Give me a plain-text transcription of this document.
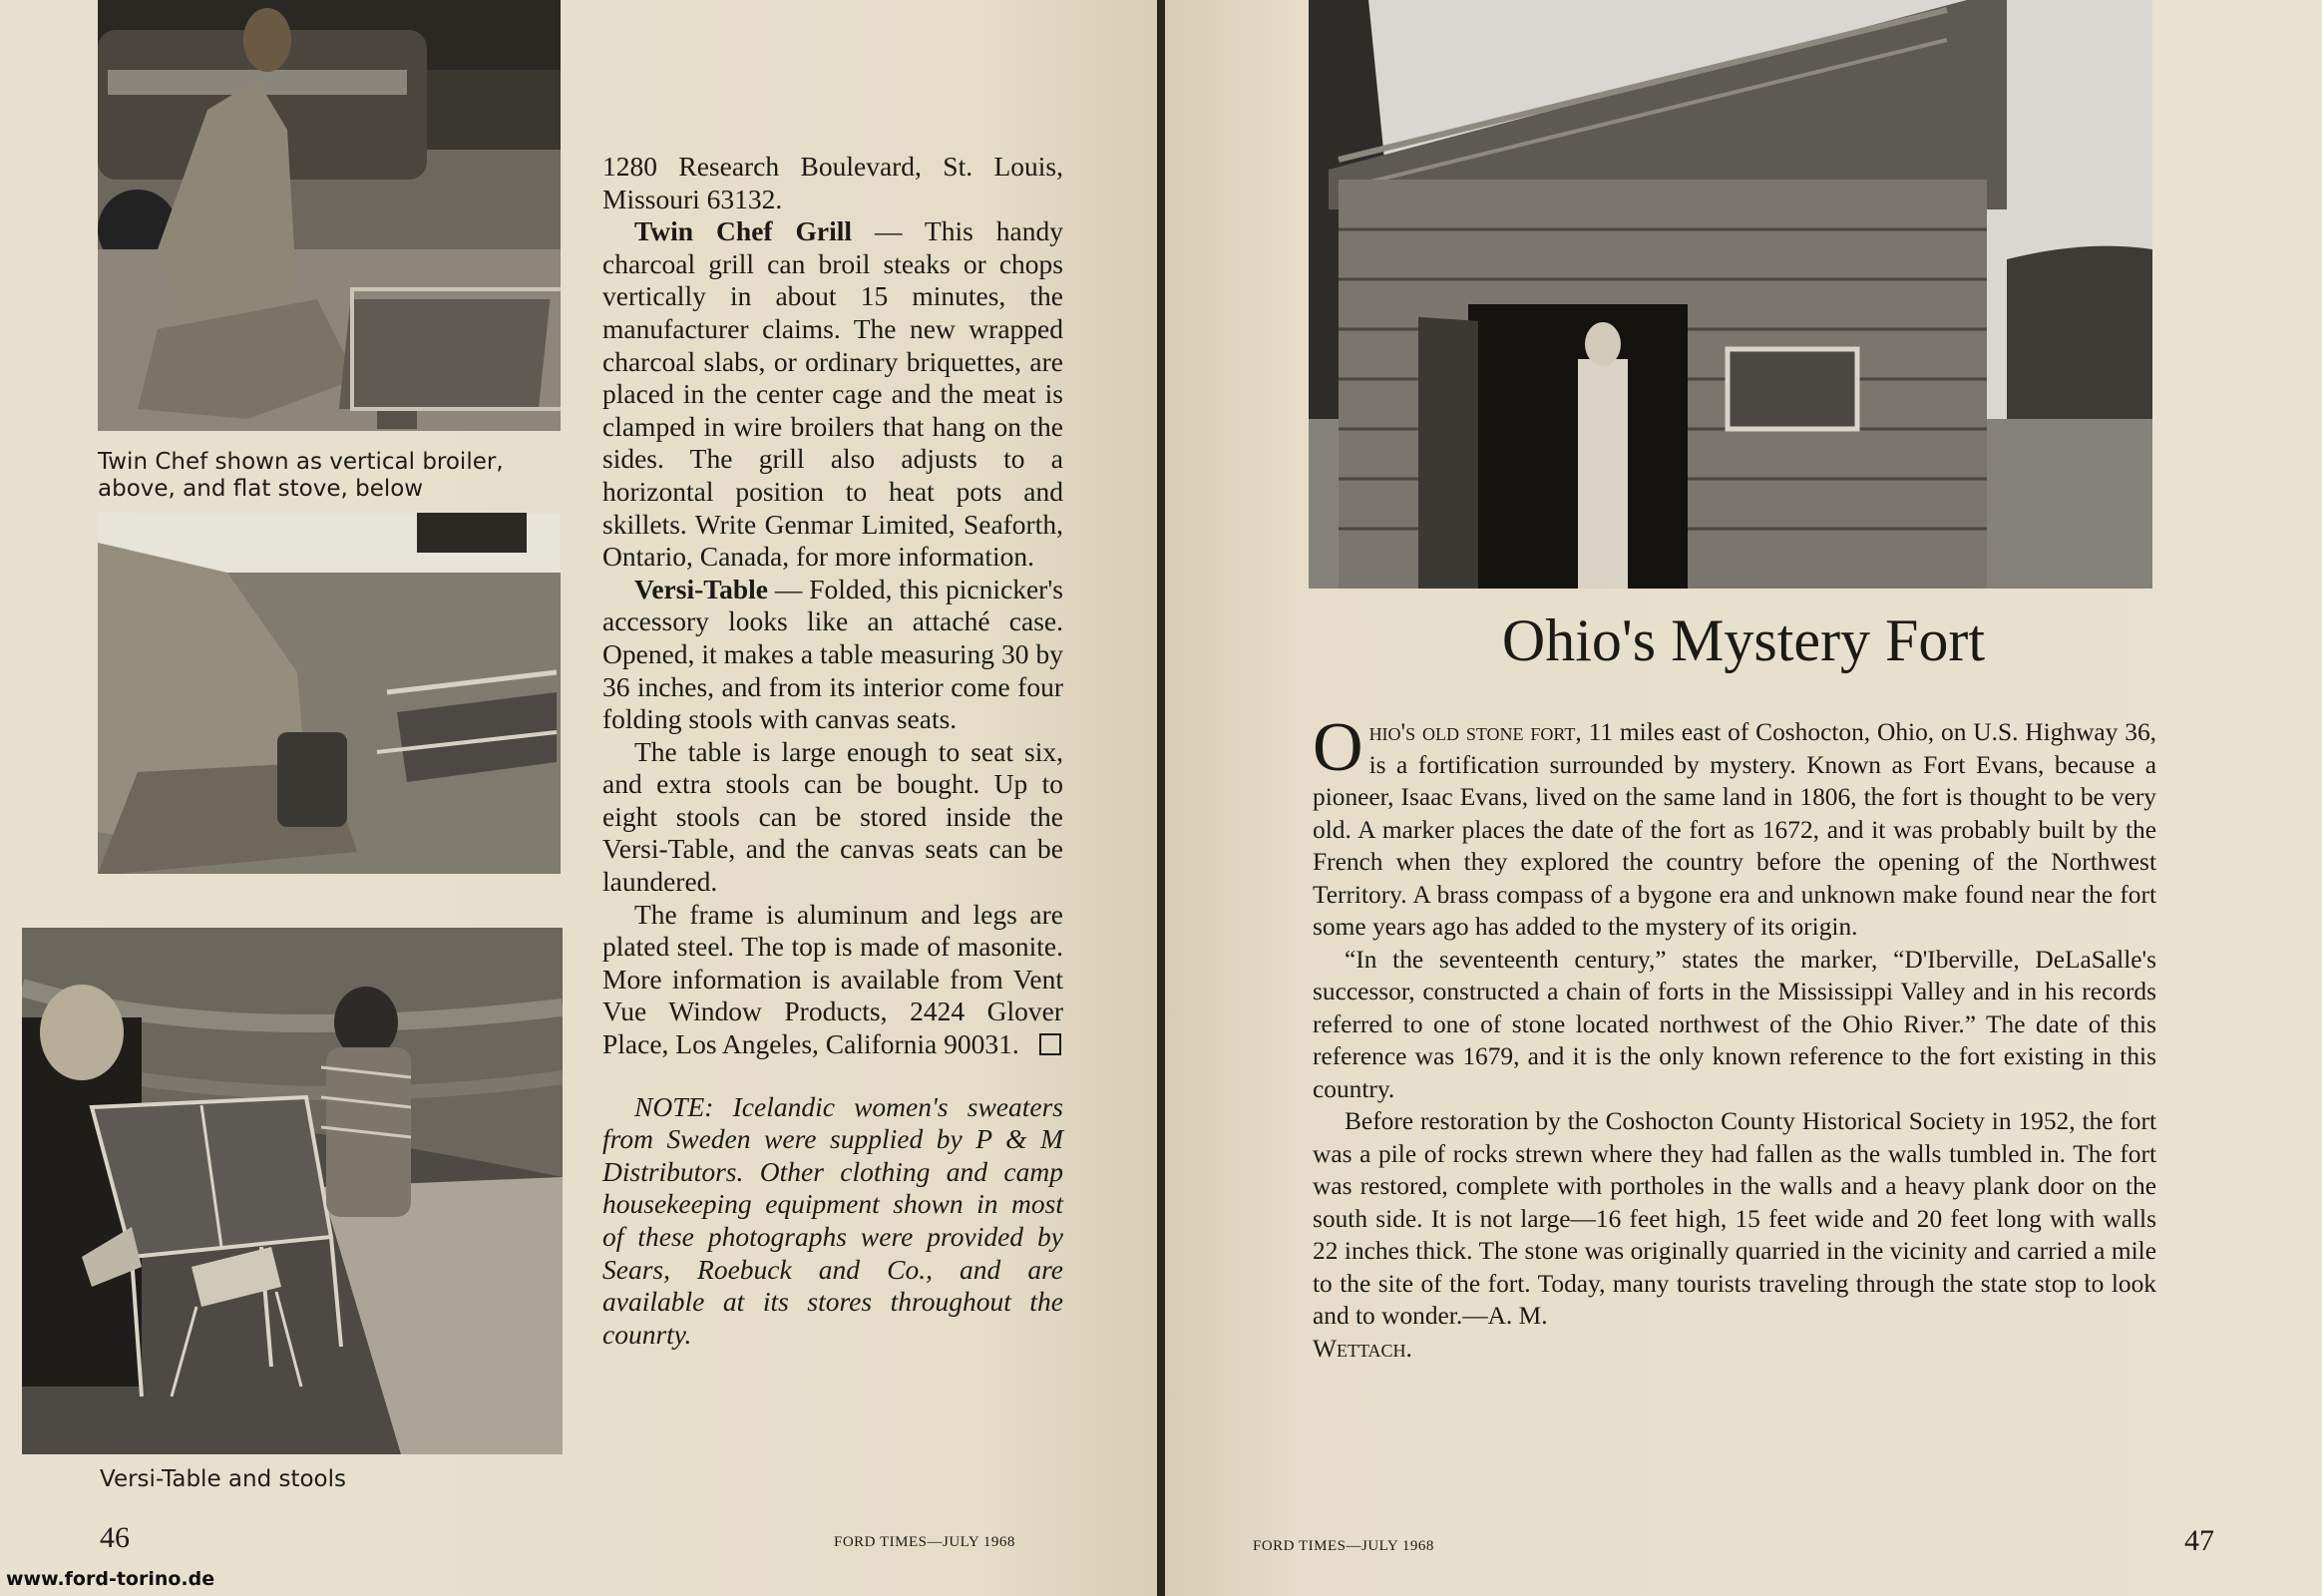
Twin Chef shown as vertical broiler, above, and flat stove, below
Versi-Table and stools

1280 Research Boulevard, St. Louis, Missouri 63132.

Twin Chef Grill — This handy charcoal grill can broil steaks or chops vertically in about 15 minutes, the manufacturer claims. The new wrapped charcoal slabs, or ordinary briquettes, are placed in the center cage and the meat is clamped in wire broilers that hang on the sides. The grill also adjusts to a horizontal position to heat pots and skillets. Write Genmar Limited, Seaforth, Ontario, Canada, for more information.

Versi-Table — Folded, this picnicker's accessory looks like an attaché case. Opened, it makes a table measuring 30 by 36 inches, and from its interior come four folding stools with canvas seats.

The table is large enough to seat six, and extra stools can be bought. Up to eight stools can be stored inside the Versi-Table, and the canvas seats can be laundered.

The frame is aluminum and legs are plated steel. The top is made of masonite. More information is available from Vent Vue Window Products, 2424 Glover Place, Los Angeles, California 90031.

NOTE: Icelandic women's sweaters from Sweden were supplied by P & M Distributors. Other clothing and camp housekeeping equipment shown in most of these photographs were provided by Sears, Roebuck and Co., and are available at its stores throughout the counrty.

46	FORD TIMES—JULY 1968
www.ford-torino.de
Ohio's Mystery Fort

Ohio's old stone fort, 11 miles east of Coshocton, Ohio, on U.S. Highway 36, is a fortification surrounded by mystery. Known as Fort Evans, because a pioneer, Isaac Evans, lived on the same land in 1806, the fort is thought to be very old. A marker places the date of the fort as 1672, and it was probably built by the French when they explored the country before the opening of the Northwest Territory. A brass compass of a bygone era and unknown make found near the fort some years ago has added to the mystery of its origin.

“In the seventeenth century,” states the marker, “D'Iberville, DeLaSalle's successor, constructed a chain of forts in the Mississippi Valley and in his records referred to one of stone located northwest of the Ohio River.” The date of this reference was 1679, and it is the only known reference to the fort existing in this country.

Before restoration by the Coshocton County Historical Society in 1952, the fort was a pile of rocks strewn where they had fallen as the walls tumbled in. The fort was restored, complete with portholes in the walls and a heavy plank door on the south side. It is not large—16 feet high, 15 feet wide and 20 feet long with walls 22 inches thick. The stone was originally quarried in the vicinity and carried a mile to the site of the fort. Today, many tourists traveling through the state stop to look and to wonder.—A. M.
Wettach.

FORD TIMES—JULY 1968	47
